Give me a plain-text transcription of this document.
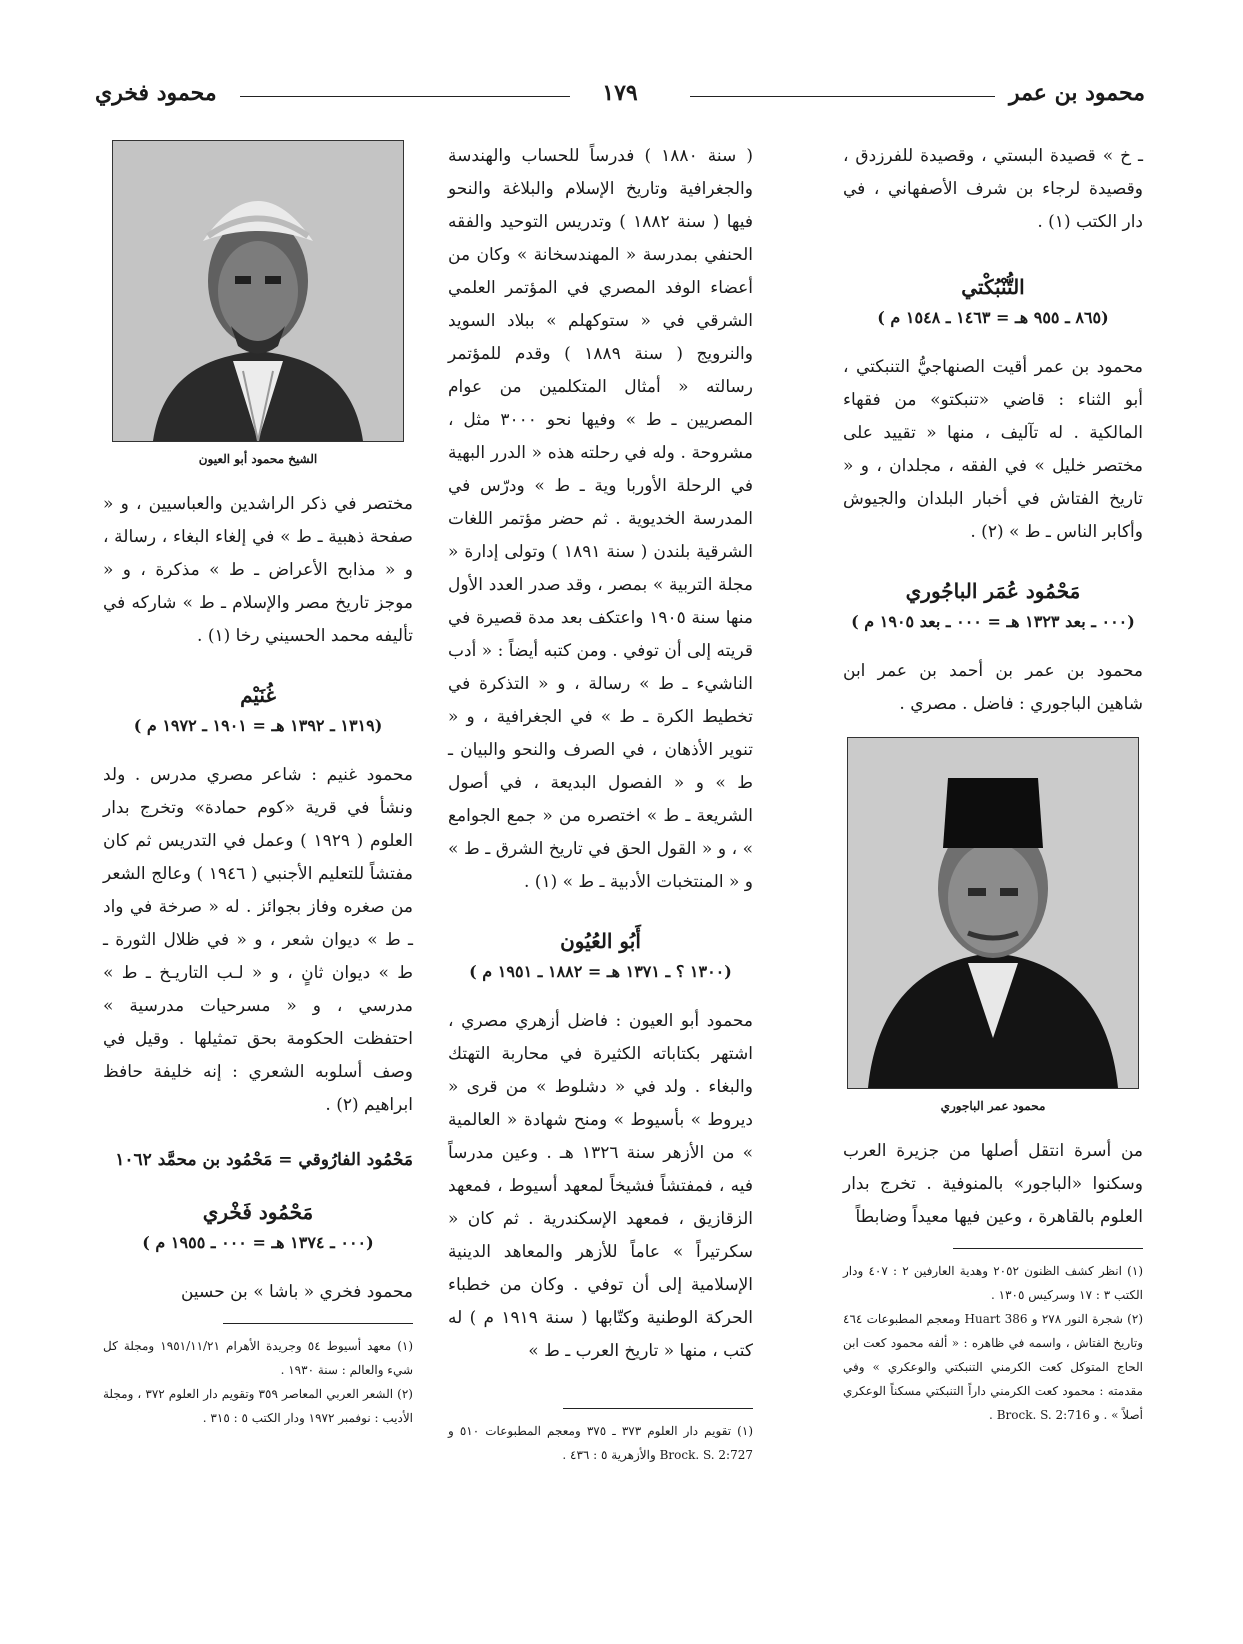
محمود بن عمر
١٧٩
محمود فخري

ـ خ » قصيدة البستي ، وقصيدة للفرزدق ، وقصيدة لرجاء بن شرف الأصفهاني ، في دار الكتب (١) .

التُّنْبُكْتي
(٨٦٥ ـ ٩٥٥ هـ = ١٤٦٣ ـ ١٥٤٨ م )

محمود بن عمر أقيت الصنهاجيُّ التنبكتي ، أبو الثناء : قاضي «تنبكتو» من فقهاء المالكية . له تآليف ، منها « تقييد على مختصر خليل » في الفقه ، مجلدان ، و « تاريخ الفتاش في أخبار البلدان والجيوش وأكابر الناس ـ ط » (٢) .

مَحْمُود عُمَر الباجُوري
(٠٠٠ ـ بعد ١٣٢٣ هـ = ٠٠٠ ـ بعد ١٩٠٥ م )

محمود بن عمر بن أحمد بن عمر ابن شاهين الباجوري : فاضل . مصري .

محمود عمر الباجوري

من أسرة انتقل أصلها من جزيرة العرب وسكنوا «الباجور» بالمنوفية . تخرج بدار العلوم بالقاهرة ، وعين فيها معيداً وضابطاً

(١) انظر كشف الظنون ٢٠٥٢ وهدية العارفين ٢ : ٤٠٧ ودار الكتب ٣ : ١٧ وسركيس ١٣٠٥ .

(٢) شجرة النور ٢٧٨ و Huart 386 ومعجم المطبوعات ٤٦٤ وتاريخ الفتاش ، واسمه في ظاهره : « ألفه محمود كعت ابن الحاج المتوكل كعت الكرمني التنبكتي والوعكري » وفي مقدمته : محمود كعت الكرمني داراً التنبكتي مسكناً الوعكري أصلاً » . و Brock. S. 2:716 .

( سنة ١٨٨٠ ) فدرساً للحساب والهندسة والجغرافية وتاريخ الإسلام والبلاغة والنحو فيها ( سنة ١٨٨٢ ) وتدريس التوحيد والفقه الحنفي بمدرسة « المهندسخانة » وكان من أعضاء الوفد المصري في المؤتمر العلمي الشرقي في « ستوكهلم » ببلاد السويد والنرويج ( سنة ١٨٨٩ ) وقدم للمؤتمر رسالته « أمثال المتكلمين من عوام المصريين ـ ط » وفيها نحو ٣٠٠٠ مثل ، مشروحة . وله في رحلته هذه « الدرر البهية في الرحلة الأوربا وية ـ ط » ودرّس في المدرسة الخديوية . ثم حضر مؤتمر اللغات الشرقية بلندن ( سنة ١٨٩١ ) وتولى إدارة « مجلة التربية » بمصر ، وقد صدر العدد الأول منها سنة ١٩٠٥ واعتكف بعد مدة قصيرة في قريته إلى أن توفي . ومن كتبه أيضاً : « أدب الناشيء ـ ط » رسالة ، و « التذكرة في تخطيط الكرة ـ ط » في الجغرافية ، و « تنوير الأذهان ، في الصرف والنحو والبيان ـ ط » و « الفصول البديعة ، في أصول الشريعة ـ ط » اختصره من « جمع الجوامع » ، و « القول الحق في تاريخ الشرق ـ ط » و « المنتخبات الأدبية ـ ط » (١) .

أَبُو العُيُون
(١٣٠٠ ؟ ـ ١٣٧١ هـ = ١٨٨٢ ـ ١٩٥١ م )

محمود أبو العيون : فاضل أزهري مصري ، اشتهر بكتاباته الكثيرة في محاربة التهتك والبغاء . ولد في « دشلوط » من قرى « ديروط » بأسيوط » ومنح شهادة « العالمية » من الأزهر سنة ١٣٢٦ هـ . وعين مدرساً فيه ، فمفتشاً فشيخاً لمعهد أسيوط ، فمعهد الزقازيق ، فمعهد الإسكندرية . ثم كان « سكرتيراً » عاماً للأزهر والمعاهد الدينية الإسلامية إلى أن توفي . وكان من خطباء الحركة الوطنية وكتّابها ( سنة ١٩١٩ م ) له كتب ، منها « تاريخ العرب ـ ط »

(١) تقويم دار العلوم ٣٧٣ ـ ٣٧٥ ومعجم المطبوعات ٥١٠ و Brock. S. 2:727 والأزهرية ٥ : ٤٣٦ .

الشيخ محمود أبو العيون

مختصر في ذكر الراشدين والعباسيين ، و « صفحة ذهبية ـ ط » في إلغاء البغاء ، رسالة ، و « مذابح الأعراض ـ ط » مذكرة ، و « موجز تاريخ مصر والإسلام ـ ط » شاركه في تأليفه محمد الحسيني رخا (١) .

غُنَيْم
(١٣١٩ ـ ١٣٩٢ هـ = ١٩٠١ ـ ١٩٧٢ م )

محمود غنيم : شاعر مصري مدرس . ولد ونشأ في قرية «كوم حمادة» وتخرج بدار العلوم ( ١٩٢٩ ) وعمل في التدريس ثم كان مفتشاً للتعليم الأجنبي ( ١٩٤٦ ) وعالج الشعر من صغره وفاز بجوائز . له « صرخة في واد ـ ط » ديوان شعر ، و « في ظلال الثورة ـ ط » ديوان ثانٍ ، و « لـب التاريـخ ـ ط » مدرسي ، و « مسرحيات مدرسية » احتفظت الحكومة بحق تمثيلها . وقيل في وصف أسلوبه الشعري : إنه خليفة حافظ ابراهيم (٢) .

مَحْمُود الفارُوقي = مَحْمُود بن محمَّد ١٠٦٢
مَحْمُود فَخْري
(٠٠٠ ـ ١٣٧٤ هـ = ٠٠٠ ـ ١٩٥٥ م )

محمود فخري « باشا » بن حسين

(١) معهد أسيوط ٥٤ وجريدة الأهرام ١٩٥١/١١/٢١ ومجلة كل شيء والعالم : سنة ١٩٣٠ .

(٢) الشعر العربي المعاصر ٣٥٩ وتقويم دار العلوم ٣٧٢ ، ومجلة الأديب : نوفمبر ١٩٧٢ ودار الكتب ٥ : ٣١٥ .
